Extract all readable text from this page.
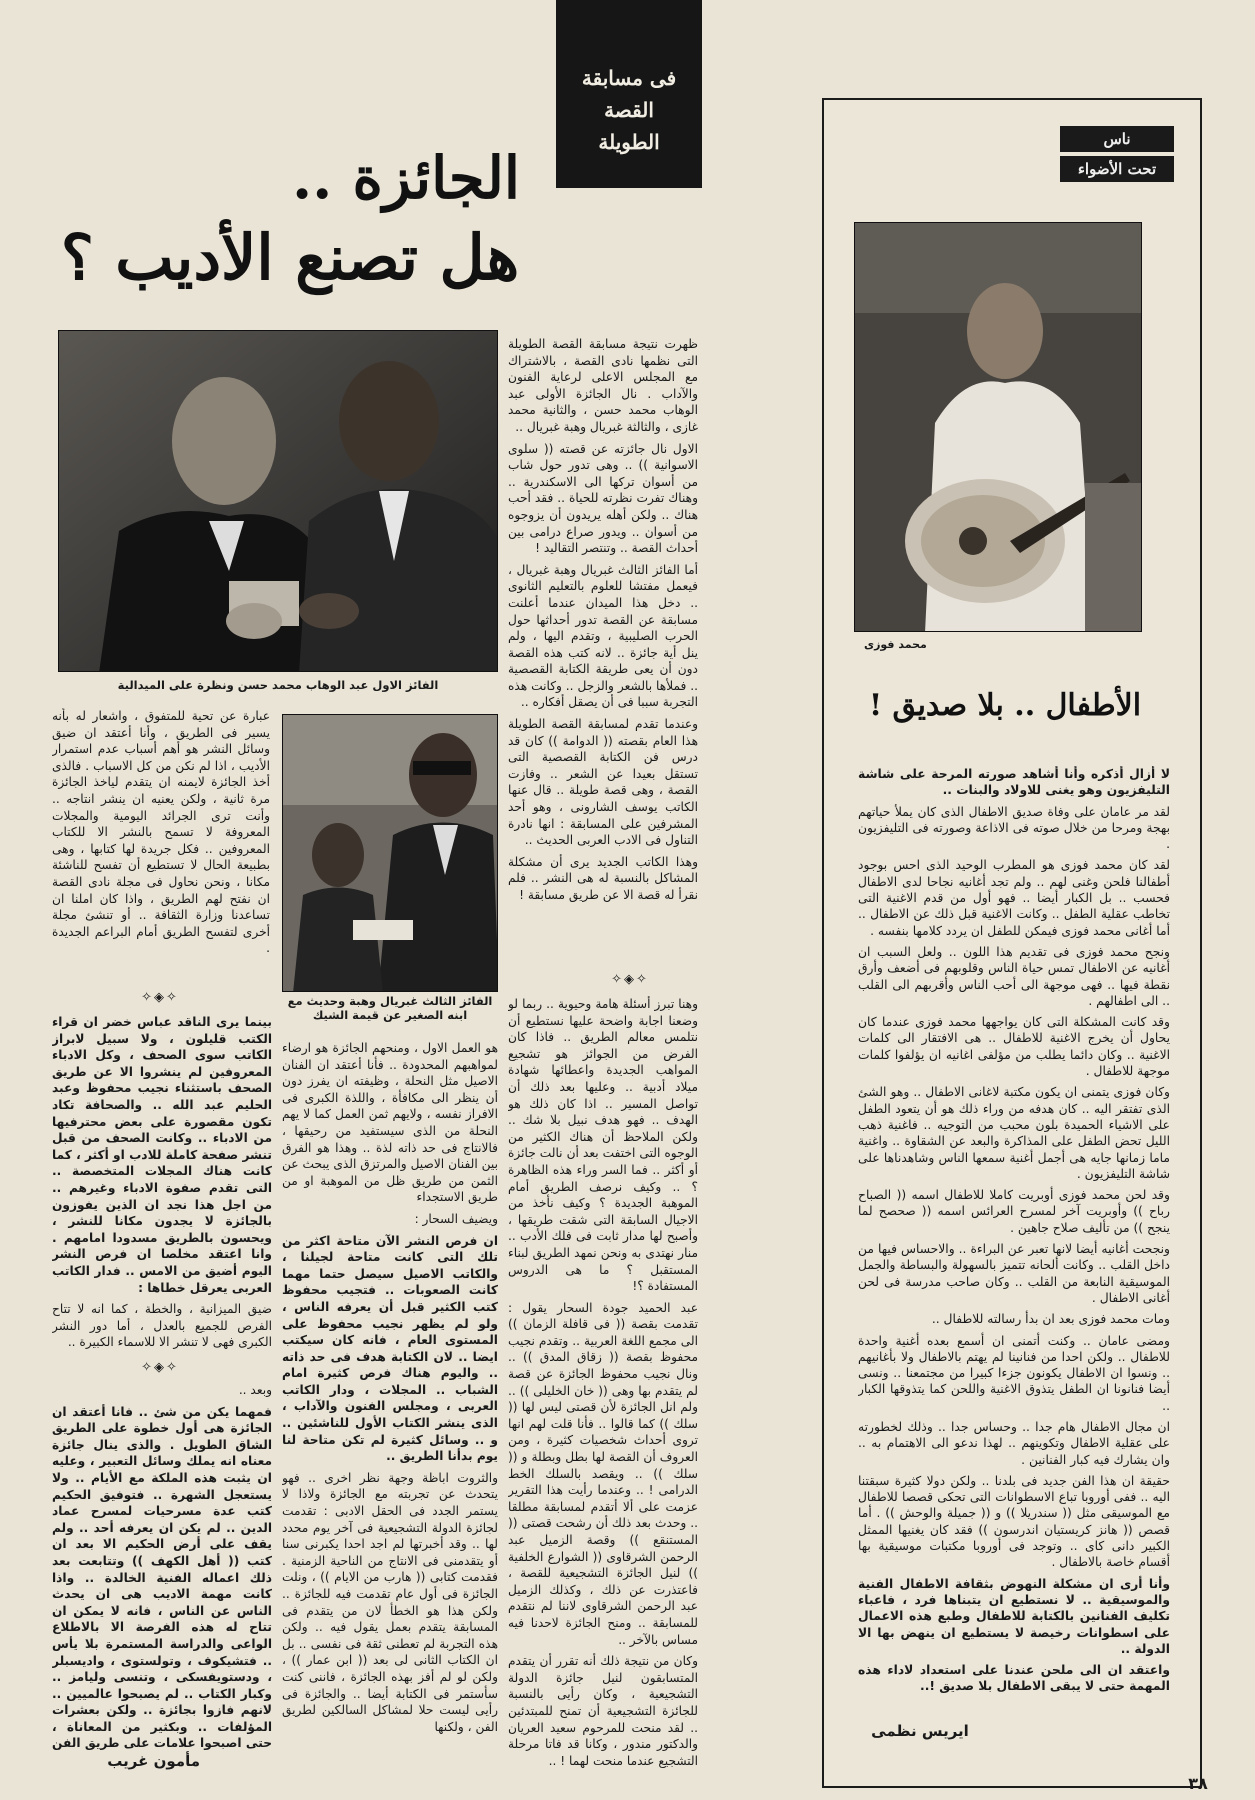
فى مسابقة
القصة
الطويلة
الجائزة ..
هل تصنع الأديب ؟
الفائز الاول عبد الوهاب محمد حسن ونظرة على الميدالية

ظهرت نتيجة مسابقة القصة الطويلة التى نظمها نادى القصة ، بالاشتراك مع المجلس الاعلى لرعاية الفنون والآداب . نال الجائزة الأولى عبد الوهاب محمد حسن ، والثانية محمد غازى ، والثالثة غبريال وهبة غبريال ..

الاول نال جائزته عن قصته (( سلوى الاسوانية )) .. وهى تدور حول شاب من أسوان تركها الى الاسكندرية .. وهناك تفرت نظرته للحياة .. فقد أحب هناك .. ولكن أهله يريدون أن يزوجوه من أسوان .. ويدور صراع درامى بين أحداث القصة .. وتنتصر التقاليد !

أما الفائز الثالث غبريال وهبة غبريال ، فيعمل مفتشا للعلوم بالتعليم الثانوى .. دخل هذا الميدان عندما أعلنت مسابقة عن القصة تدور أحداثها حول الحرب الصليبية ، وتقدم اليها ، ولم ينل أية جائزة .. لانه كتب هذه القصة دون أن يعى طريقة الكتابة القصصية .. فملأها بالشعر والزجل .. وكانت هذه التجربة سببا فى أن يصقل أفكاره ..

وعندما تقدم لمسابقة القصة الطويلة هذا العام بقصته (( الدوامة )) كان قد درس فن الكتابة القصصية التى تستقل بعيدا عن الشعر .. وفازت القصة ، وهى قصة طويلة .. قال عنها الكاتب يوسف الشارونى ، وهو أحد المشرفين على المسابقة : انها نادرة التناول فى الادب العربى الحديث ..

وهذا الكاتب الجديد يرى أن مشكلة المشاكل بالنسبة له هى النشر .. فلم نقرأ له قصة الا عن طريق مسابقة !

عبارة عن تحية للمتفوق ، واشعار له بأنه يسير فى الطريق ، وأنا أعتقد ان ضيق وسائل النشر هو أهم أسباب عدم استمرار الأديب ، اذا لم نكن من كل الاسباب . فالذى أخذ الجائزة لايمنه ان يتقدم لياخذ الجائزة مرة ثانية ، ولكن يعنيه ان ينشر انتاجه .. وأنت ترى الجرائد اليومية والمجلات المعروفة لا تسمح بالنشر الا للكتاب المعروفين .. فكل جريدة لها كتابها ، وهى بطبيعة الحال لا تستطيع أن تفسح للناشئة مكانا ، ونحن نحاول فى مجلة نادى القصة ان نفتح لهم الطريق ، واذا كان املنا ان تساعدنا وزارة الثقافة .. أو تنشئ مجلة أخرى لتفسح الطريق أمام البراعم الجديدة .

الفائز الثالث غبريال وهبة وحديث مع ابنه الصغير عن قيمة الشيك
✧◈✧
✧◈✧
✧◈✧

بينما يرى الناقد عباس خضر ان قراء الكتب قليلون ، ولا سبيل لابراز الكاتب سوى الصحف ، وكل الادباء المعروفين لم ينشروا الا عن طريق الصحف باستثناء نجيب محفوظ وعبد الحليم عبد الله .. والصحافة تكاد تكون مقصورة على بعض محترفيها من الادباء .. وكانت الصحف من قبل تنشر صفحة كاملة للادب او أكثر ، كما كانت هناك المجلات المتخصصة .. التى تقدم صفوة الادباء وغيرهم .. من اجل هذا نجد ان الذين يفوزون بالجائزة لا يجدون مكانا للنشر ، ويحسون بالطريق مسدودا امامهم . وانا اعتقد مخلصا ان فرص النشر اليوم أضيق من الامس .. فدار الكاتب العربى يعرقل خطاها :

ضيق الميزانية ، والخطة ، كما انه لا تتاح الفرص للجميع بالعدل ، أما دور النشر الكبرى فهى لا تنشر الا للاسماء الكبيرة ..

وبعد ..

فمهما يكن من شئ .. فانا أعتقد ان الجائزة هى أول خطوة على الطريق الشاق الطويل . والذى ينال جائزة معناه انه يملك وسائل التعبير ، وعليه ان يثبت هذه الملكة مع الأيام .. ولا يستعجل الشهرة .. فتوفيق الحكيم كتب عدة مسرحيات لمسرح عماد الدين .. لم يكن ان يعرفه أحد .. ولم يقف على أرض الحكيم الا بعد ان كتب (( أهل الكهف )) وتتابعت بعد ذلك اعماله الفنية الخالدة .. واذا كانت مهمة الاديب هى ان يحدث الناس عن الناس ، فانه لا يمكن ان تتاح له هذه الفرصة الا بالاطلاع الواعى والدراسة المستمرة بلا يأس .. فتشيكوف ، وتولستوى ، واديسبلر ، ودستويفسكى ، وتنسى وليامز .. وكبار الكتاب .. لم يصبحوا عالميين .. لانهم فازوا بجائزة .. ولكن بعشرات المؤلفات .. وبكثير من المعاناة ، حتى اصبحوا علامات على طريق الفن

مأمون غريب

هو العمل الاول ، ومنحهم الجائزة هو ارضاء لمواهبهم المحدودة .. فأنا أعتقد ان الفنان الاصيل مثل النحلة ، وظيفته ان يفرز دون أن ينظر الى مكافأة ، واللذة الكبرى فى الافراز نفسه ، ولايهم ثمن العمل كما لا يهم النحلة من الذى سيستفيد من رحيقها ، فالانتاج فى حد ذاته لذة .. وهذا هو الفرق بين الفنان الاصيل والمرتزق الذى يبحث عن الثمن من طريق ظل من الموهبة او من طريق الاستجداء

ويضيف السحار :

ان فرص النشر الآن متاحة اكثر من تلك التى كانت متاحة لجيلنا ، والكاتب الاصيل سيصل حتما مهما كانت الصعوبات .. فتجيب محفوظ كتب الكثير قبل أن يعرفه الناس ، ولو لم يظهر نجيب محفوظ على المستوى العام ، فانه كان سيكتب ايضا .. لان الكتابة هدف فى حد ذاته .. واليوم هناك فرص كثيرة امام الشباب .. المجلات ، ودار الكاتب العربى ، ومجلس الفنون والآداب ، الذى ينشر الكتاب الأول للناشئين .. و .. وسائل كثيرة لم تكن متاحة لنا يوم بدأنا الطريق ..

والثروت اباظة وجهة نظر اخرى .. فهو يتحدث عن تجربته مع الجائزة ولاذا لا يستمر الجدد فى الحقل الادبى : تقدمت لجائزة الدولة التشجيعية فى آخر يوم محدد لها .. وقد أخبرتها لم اجد احدا يكبرنى سنا أو يتقدمنى فى الانتاج من الناحية الزمنية . فقدمت كتابى (( هارب من الايام )) ، ونلت الجائزة فى أول عام تقدمت فيه للجائزة .. ولكن هذا هو الخطأ لان من يتقدم فى المسابقة يتقدم بعمل يقول فيه .. ولكن هذه التجربة لم تعطنى ثقة فى نفسى .. بل ان الكتاب الثانى لى بعد (( ابن عمار )) ، ولكن لو لم أفز بهذه الجائزة ، فاننى كنت سأستمر فى الكتابة أيضا .. والجائزة فى رأيى ليست حلا لمشاكل السالكين لطريق الفن ، ولكنها

وهنا تبرز أسئلة هامة وحيوية .. ربما لو وضعنا اجابة واضحة عليها نستطيع أن نتلمس معالم الطريق .. فاذا كان الفرض من الجوائز هو تشجيع المواهب الجديدة واعطائها شهادة ميلاد أدبية .. وعليها بعد ذلك أن تواصل المسير .. اذا كان ذلك هو الهدف .. فهو هدف نبيل بلا شك .. ولكن الملاحظ أن هناك الكثير من الوجوه التى اختفت بعد أن نالت جائزة أو أكثر .. فما السر وراء هذه الظاهرة ؟ .. وكيف نرصف الطريق أمام الموهبة الجديدة ؟ وكيف نأخذ من الاجيال السابقة التى شقت طريقها ، وأصبح لها مدار ثابت فى فلك الأدب .. منار نهتدى به ونحن نمهد الطريق لبناء المستقبل ؟ ما هى الدروس المستفادة ؟!

عبد الحميد جودة السحار يقول : تقدمت بقصة (( فى قافلة الزمان )) الى مجمع اللغة العربية .. وتقدم نجيب محفوظ بقصة (( زقاق المدق )) .. ونال نجيب محفوظ الجائزة عن قصة لم يتقدم بها وهى (( خان الخليلى )) .. ولم انل الجائزة لأن قصتى ليس لها (( سلك )) كما قالوا .. فأنا قلت لهم انها تروى أحداث شخصيات كثيرة ، ومن العروف أن القصة لها بطل وبطلة و (( سلك )) .. ويقصد بالسلك الخط الدرامى ! .. وعندما رأيت هذا التقرير عزمت على ألا أتقدم لمسابقة مطلقا .. وحدث بعد ذلك أن رشحت قصتى (( المستنقع )) وقصة الزميل عبد الرحمن الشرقاوى (( الشوارع الخلفية )) لنيل الجائزة التشجيعية للقصة ، فاعتذرت عن ذلك ، وكذلك الزميل عبد الرحمن الشرقاوى لاننا لم نتقدم للمسابقة .. ومنح الجائزة لاحدنا فيه مساس بالآخر ..

وكان من نتيجة ذلك أنه تقرر أن يتقدم المتسابقون لنيل جائزة الدولة التشجيعية ، وكان رأيى بالنسبة للجائزة التشجيعية أن تمنح للمبتدئين .. لقد منحت للمرحوم سعيد العريان والدكتور مندور ، وكانا قد فاتا مرحلة التشجيع عندما منحت لهما ! ..

ناس
تحت الأضواء
محمد فوزى
الأطفال .. بلا صديق !

لا أزال أذكره وأنا أشاهد صورته المرحة على شاشة التليفزيون وهو يغنى للاولاد والبنات ..

لقد مر عامان على وفاة صديق الاطفال الذى كان يملأ حياتهم بهجة ومرحا من خلال صوته فى الاذاعة وصورته فى التليفزيون .

لقد كان محمد فوزى هو المطرب الوحيد الذى احس بوجود أطفالنا فلحن وغنى لهم .. ولم تجد أغانيه نجاحا لدى الاطفال فحسب .. بل الكبار أيضا .. فهو أول من قدم الاغنية التى تخاطب عقلية الطفل .. وكانت الاغنية قبل ذلك عن الاطفال .. أما أغانى محمد فوزى فيمكن للطفل ان يردد كلامها بنفسه .

ونجح محمد فوزى فى تقديم هذا اللون .. ولعل السبب ان أغانيه عن الاطفال تمس حياة الناس وقلوبهم فى أضعف وأرق نقطة فيها .. فهى موجهة الى أحب الناس وأقربهم الى القلب .. الى اطفالهم .

وقد كانت المشكلة التى كان يواجهها محمد فوزى عندما كان يحاول أن يخرج الاغنية للاطفال .. هى الافتقار الى كلمات الاغنية .. وكان دائما يطلب من مؤلفى اغانيه ان يؤلفوا كلمات موجهة للاطفال .

وكان فوزى يتمنى ان يكون مكتبة لاغانى الاطفال .. وهو الشئ الذى تفتقر اليه .. كان هدفه من وراء ذلك هو أن يتعود الطفل على الاشياء الحميدة بلون محبب من التوجيه .. فاغنية ذهب الليل تحض الطفل على المذاكرة والبعد عن الشقاوة .. واغنية ماما زمانها جايه هى أجمل أغنية سمعها الناس وشاهدناها على شاشة التليفزيون .

وقد لحن محمد فوزى أوبريت كاملا للاطفال اسمه (( الصباح رباح )) وأوبريت آخر لمسرح العرائس اسمه (( صحصح لما ينجح )) من تأليف صلاح جاهين .

ونجحت أغانيه أيضا لانها تعبر عن البراءة .. والاحساس فيها من داخل القلب .. وكانت ألحانه تتميز بالسهولة والبساطة والجمل الموسيقية النابعة من القلب .. وكان صاحب مدرسة فى لحن أغانى الاطفال .

ومات محمد فوزى بعد ان بدأ رسالته للاطفال ..

ومضى عامان .. وكنت أتمنى ان أسمع بعده أغنية واحدة للاطفال .. ولكن احدا من فنانينا لم يهتم بالاطفال ولا بأغانيهم .. ونسوا ان الاطفال يكونون جزءا كبيرا من مجتمعنا .. ونسى أيضا فنانونا ان الطفل يتذوق الاغنية واللحن كما يتذوقها الكبار ..

ان مجال الاطفال هام جدا .. وحساس جدا .. وذلك لخطورته على عقلية الاطفال وتكوينهم .. لهذا ندعو الى الاهتمام به .. وان يشارك فيه كبار الفنانين .

حقيقة ان هذا الفن جديد فى بلدنا .. ولكن دولا كثيرة سبقتنا اليه .. ففى أوروبا تباع الاسطوانات التى تحكى قصصا للاطفال مع الموسيقى مثل (( سندريلا )) و (( جميلة والوحش )) . أما قصص (( هانز كريستيان اندرسون )) فقد كان يغنيها الممثل الكبير دانى كاى .. وتوجد فى أوروبا مكتبات موسيقية بها أقسام خاصة بالاطفال .

وأنا أرى ان مشكلة النهوض بثقافة الاطفال الفنية والموسيقية .. لا نستطيع ان يتبناها فرد ، فاعباء تكليف الفنانين بالكتابة للاطفال وطبع هذه الاعمال على اسطوانات رخيصة لا يستطيع ان ينهض بها الا الدولة ..

واعتقد ان الى ملحن عندنا على استعداد لاداء هذه المهمة حتى لا يبقى الاطفال بلا صديق !..

ايريس نظمى
٣٨
